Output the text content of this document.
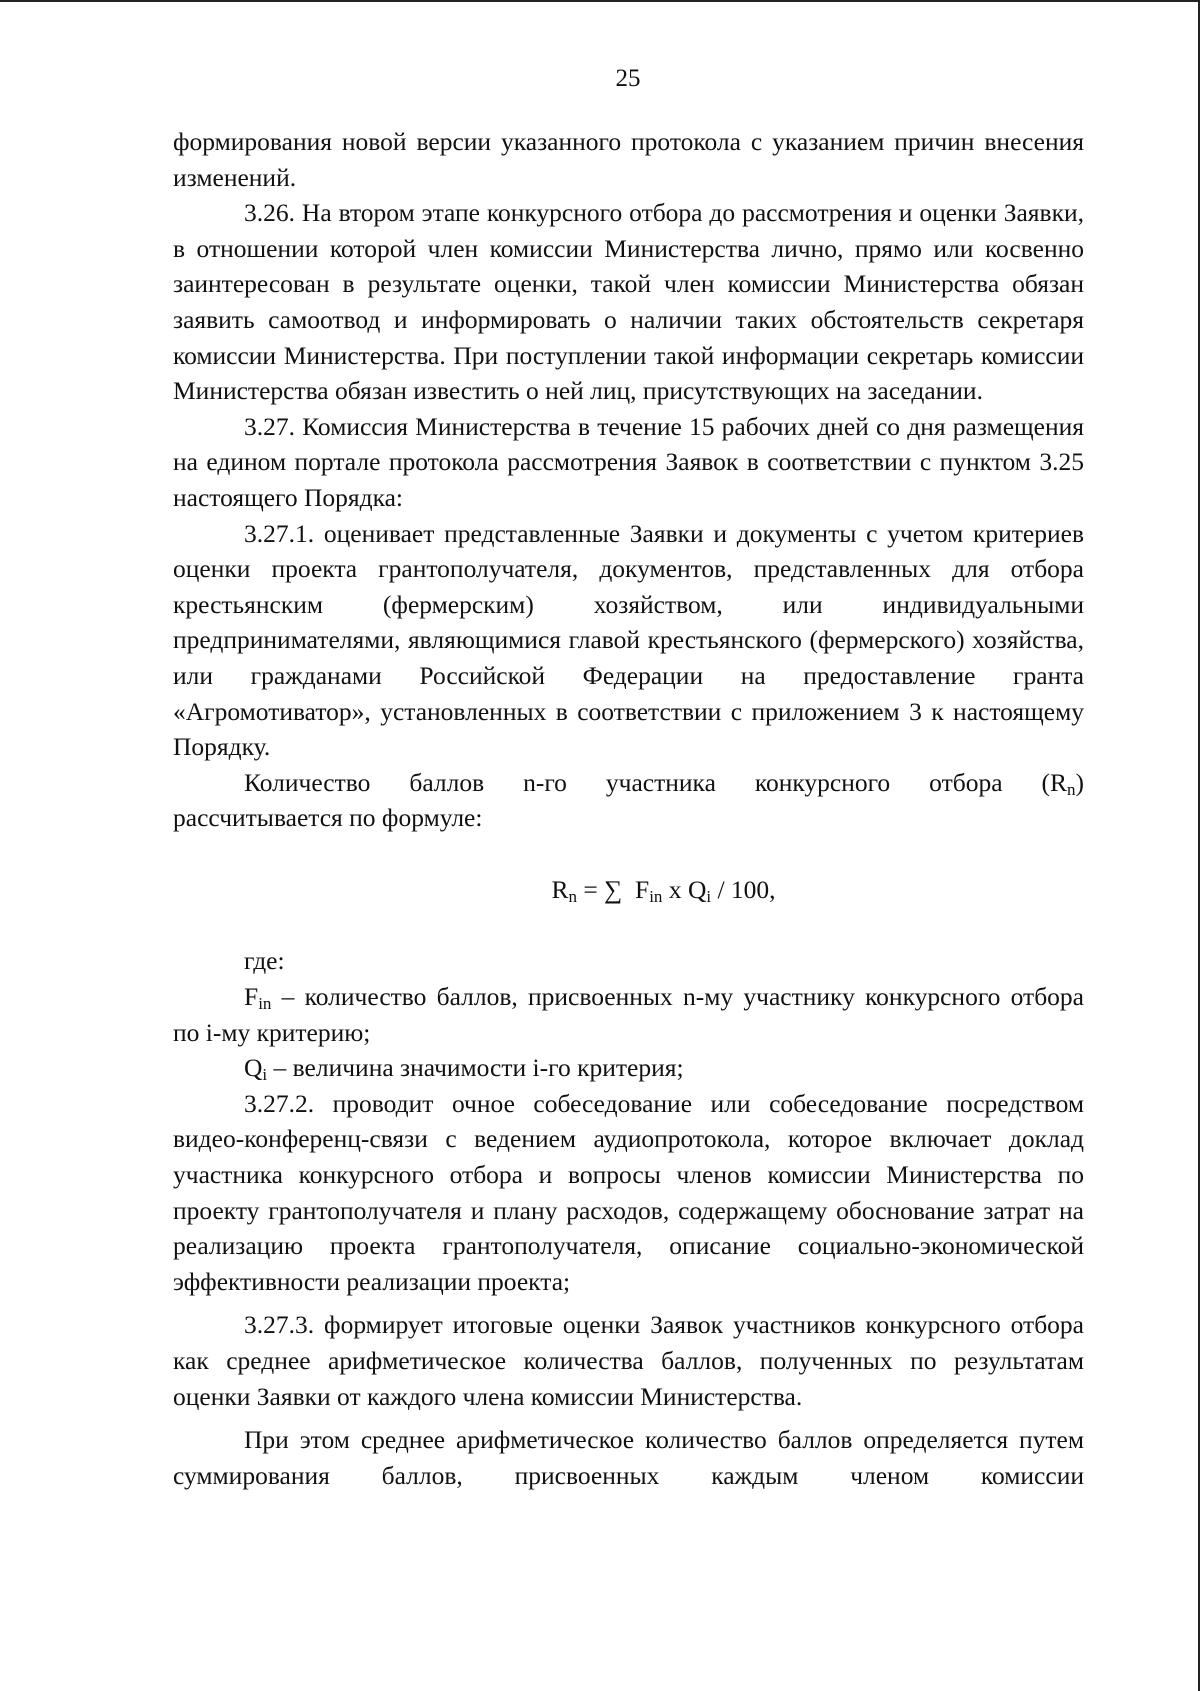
25

формирования новой версии указанного протокола с указанием причин внесения изменений.

3.26. На втором этапе конкурсного отбора до рассмотрения и оценки Заявки, в отношении которой член комиссии Министерства лично, прямо или косвенно заинтересован в результате оценки, такой член комиссии Министерства обязан заявить самоотвод и информировать о наличии таких обстоятельств секретаря комиссии Министерства. При поступлении такой информации секретарь комиссии Министерства обязан известить о ней лиц, присутствующих на заседании.

3.27. Комиссия Министерства в течение 15 рабочих дней со дня размещения на едином портале протокола рассмотрения Заявок в соответствии с пунктом 3.25 настоящего Порядка:

3.27.1. оценивает представленные Заявки и документы с учетом критериев оценки проекта грантополучателя, документов, представленных для отбора крестьянским (фермерским) хозяйством, или индивидуальными предпринимателями, являющимися главой крестьянского (фермерского) хозяйства, или гражданами Российской Федерации на предоставление гранта «Агромотиватор», установленных в соответствии с приложением 3 к настоящему Порядку.

Количество баллов n-го участника конкурсного отбора $(R_n)$

рассчитывается по формуле:

$R_n$ = ∑  $F_{in}$ x $Q_i / 100$,

где:

$F_{in}$ – количество баллов, присвоенных n-му участнику конкурсного отбора по i-му критерию;

$Q_i$ – величина значимости i-го критерия;

3.27.2. проводит очное собеседование или собеседование посредством видео-конференц-связи с ведением аудиопротокола, которое включает доклад участника конкурсного отбора и вопросы членов комиссии Министерства по проекту грантополучателя и плану расходов, содержащему обоснование затрат на реализацию проекта грантополучателя, описание социально-экономической эффективности реализации проекта;

3.27.3. формирует итоговые оценки Заявок участников конкурсного отбора как среднее арифметическое количества баллов, полученных по результатам оценки Заявки от каждого члена комиссии Министерства.

При этом среднее арифметическое количество баллов определяется путем суммирования баллов, присвоенных каждым членом комиссии
